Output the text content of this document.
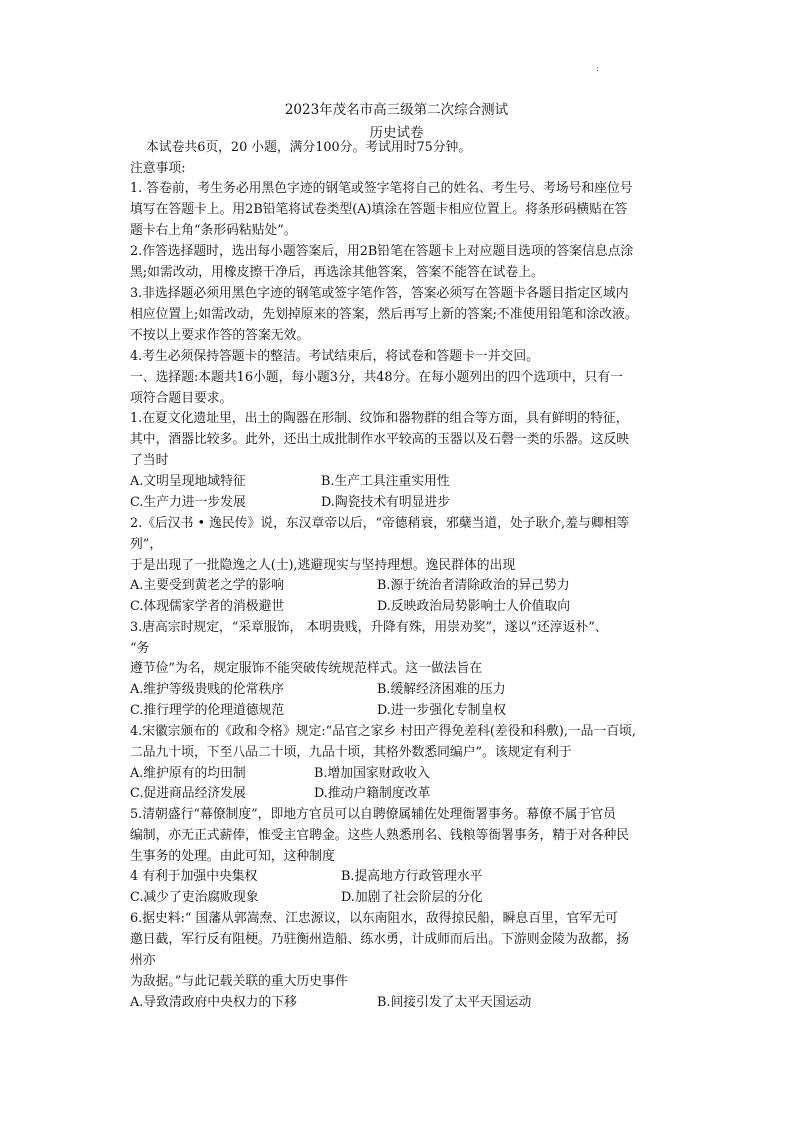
:
2023年茂名市高三级第二次综合测试
历史试卷
本试卷共6页，20 小题，满分100分。考试用时75分钟。
注意事项:
1. 答卷前，考生务必用黑色字迹的钢笔或签字笔将自己的姓名、考生号、考场号和座位号
填写在答题卡上。用2B铅笔将试卷类型(A)填涂在答题卡相应位置上。将条形码横贴在答
题卡右上角“条形码粘贴处”。
2.作答选择题时，选出每小题答案后，用2B铅笔在答题卡上对应题目选项的答案信息点涂
黑;如需改动，用橡皮擦干净后，再选涂其他答案，答案不能答在试卷上。
3.非选择题必须用黑色字迹的钢笔或签字笔作答，答案必须写在答题卡各题目指定区域内
相应位置上;如需改动，先划掉原来的答案，然后再写上新的答案;不准使用铅笔和涂改液。
不按以上要求作答的答案无效。
4.考生必须保持答题卡的整洁。考试结束后，将试卷和答题卡一并交回。
一、选择题:本题共16小题，每小题3分，共48分。在每小题列出的四个选项中，只有一
项符合题目要求。
1.在夏文化遗址里，出土的陶器在形制、纹饰和器物群的组合等方面，具有鲜明的特征，
其中，酒器比较多。此外，还出土成批制作水平较高的玉器以及石磬一类的乐器。这反映
了当时
A.文明呈现地域特征	B.生产工具注重实用性
C.生产力进一步发展	D.陶瓷技术有明显进步
2.《后汉书 • 逸民传》说，东汉章帝以后，“帝德稍衰，邪蘖当道，处子耿介,羞与卿相等
列”，
于是出现了一批隐逸之人(士),逃避现实与坚持理想。逸民群体的出现
A.主要受到黄老之学的影响	B.源于统治者清除政治的异己势力
C.体现儒家学者的消极避世	D.反映政治局势影响士人价值取向
3.唐高宗时规定，“采章服饰， 本明贵贱，升降有殊，用崇劝奖”，遂以“还淳返朴”、
“务
遵节俭”为名，规定服饰不能突破传统规范样式。这一做法旨在
A.维护等级贵贱的伦常秩序	B.缓解经济困难的压力
C.推行理学的伦理道德规范	D.进一步强化专制皇权
4.宋徽宗颁布的《政和令格》规定:“品官之家乡 村田产得免差科(差役和科敷),一品一百顷,
二品九十顷，下至八品二十顷，九品十顷，其格外数悉同编户”。该规定有利于
A.维护原有的均田制	B.增加国家财政收入
C.促进商品经济发展	D.推动户籍制度改革
5.清朝盛行“幕僚制度”，即地方官员可以自聘僚属辅佐处理衙署事务。幕僚不属于官员
编制，亦无正式薪俸，惟受主官聘金。这些人熟悉刑名、钱粮等衙署事务，精于对各种民
生事务的处理。由此可知，这种制度
4 有利于加强中央集权	B.提高地方行政管理水平
C.减少了吏治腐败现象	D.加剧了社会阶层的分化
6.据史料:“ 国藩从郭嵩焘、江忠源议，以东南阻水，敌得掠民船，瞬息百里，官军无可
邀日截，军行反有阻梗。乃驻衡州造船、练水勇，计成师而后出。下游则金陵为敌都，扬
州亦
为敌据。”与此记载关联的重大历史事件
A.导致清政府中央权力的下移	B.间接引发了太平天国运动
